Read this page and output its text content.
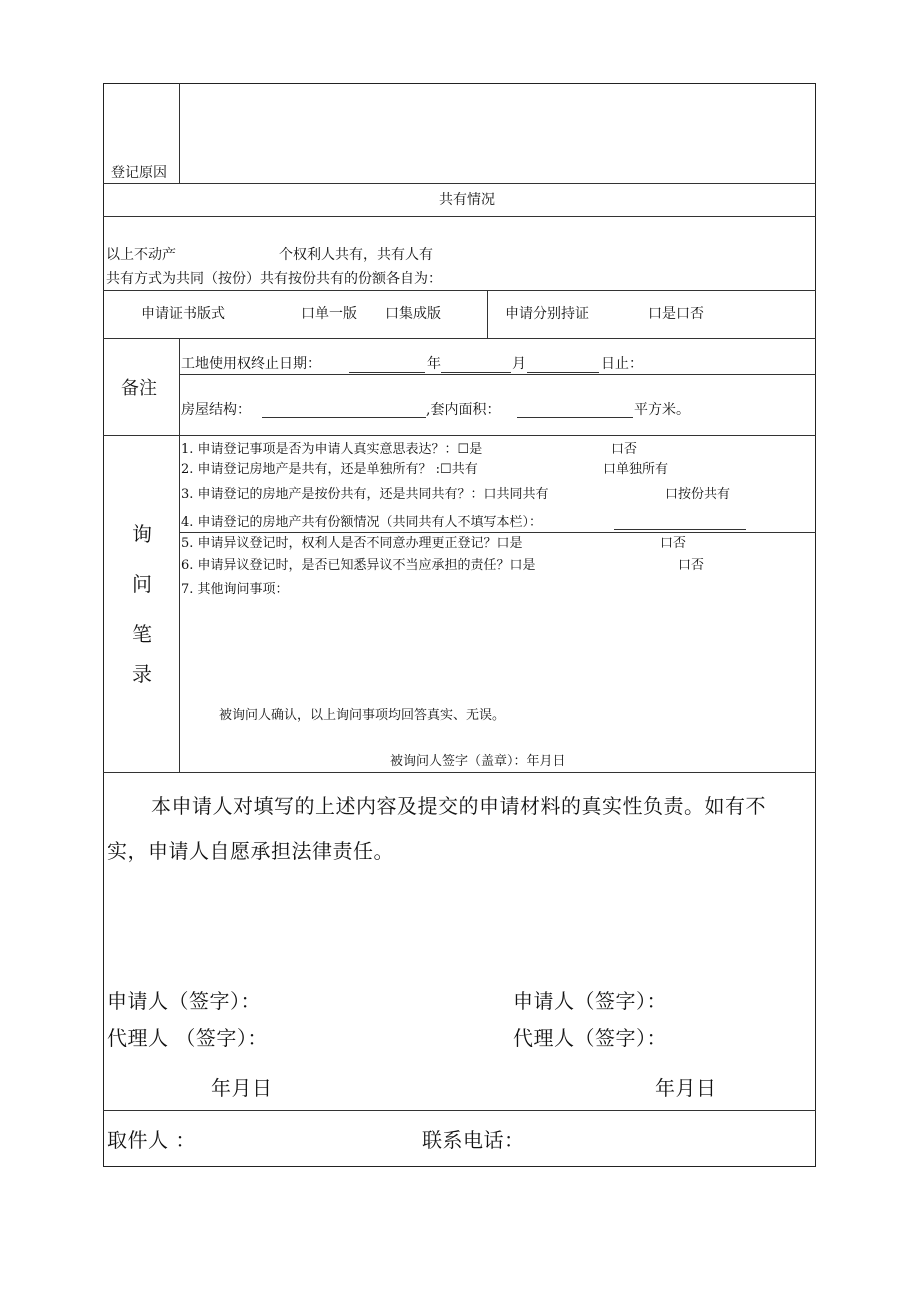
登记原因
共有情况
以上不动产	个权利人共有，共有人有
共有方式为共同（按份）共有按份共有的份额各自为：
申请证书版式	口单一版 口集成版	申请分别持证	口是口否
备注
工地使用权终止日期：	年	月	日止：
房屋结构：	,套内面积：	平方米。
询
问
笔
录
1. 申请登记事项是否为申请人真实意思表达？：☐是	口否
2. 申请登记房地产是共有，还是单独所有？ :☐共有	口单独所有
3. 申请登记的房地产是按份共有，还是共同共有？：口共同共有	口按份共有
4. 申请登记的房地产共有份额情况（共同共有人不填写本栏）：
5. 申请异议登记时，权利人是否不同意办理更正登记？口是	口否
6. 申请异议登记时，是否已知悉异议不当应承担的责任？口是	口否
7. 其他询问事项：
被询问人确认，以上询问事项均回答真实、无误。
被询问人签字（盖章）：年月日
本申请人对填写的上述内容及提交的申请材料的真实性负责。如有不
实，申请人自愿承担法律责任。
申请人（签字）：
代理人 （签字）：
申请人（签字）：
代理人（签字）：
年月日	年月日
取件人 ：	联系电话：
